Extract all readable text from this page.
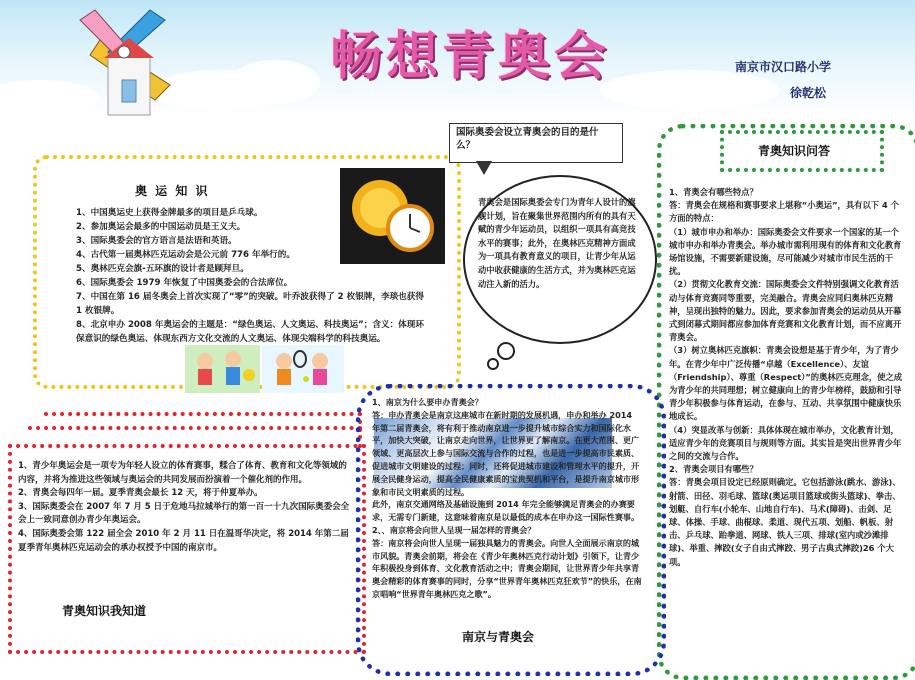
畅想青奥会	南京市汉口路小学
徐乾松
奥 运 知 识

1、中国奥运史上获得金牌最多的项目是乒乓球。

2、参加奥运会最多的中国运动员是王义夫。

3、国际奥委会的官方语言是法语和英语。

4、古代第一届奥林匹克运动会是公元前 776 年举行的。

5、奥林匹克会旗-五环旗的设计者是顾拜旦。

6、国际奥委会 1979 年恢复了中国奥委会的合法席位。

7、中国在第 16 届冬奥会上首次实现了“零”的突破。叶乔波获得了 2 枚银牌，李琰也获得 1 枚银牌。

8、北京申办 2008 年奥运会的主题是：“绿色奥运、人文奥运、科技奥运”；含义：体现环保意识的绿色奥运、体现东西方文化交流的人文奥运、体现尖端科学的科技奥运。

国际奥委会设立青奥会的目的是什么？
青奥会是国际奥委会专门为青年人设计的旗舰计划，旨在聚集世界范围内所有的具有天赋的青少年运动员，以组织一项具有高竞技水平的赛事；此外，在奥林匹克精神方面成为一项具有教育意义的项目，让青少年从运动中收获健康的生活方式，并为奥林匹克运动注入新的活力。
青奥知识问答

1、青奥会有哪些特点？

答：青奥会在规格和赛事要求上堪称“小奥运”，具有以下 4 个方面的特点：

（1）城市申办和举办：国际奥委会文件要求一个国家的某一个城市申办和举办青奥会。举办城市需利用现有的体育和文化教育场馆设施，不需要新建设施，尽可能减少对城市市民生活的干扰。

（2）贯彻文化教育交流：国际奥委会文件特别强调文化教育活动与体育竞赛同等重要，完美融合。青奥会应同归奥林匹克精神，呈现出独特的魅力。因此，要求参加青奥会的运动员从开幕式到闭幕式期间都应参加体育竞赛和文化教育计划，而不应离开青奥会。

（3）树立奥林匹克旗帜：青奥会设想是基于青少年，为了青少年。在青少年中广泛传播“卓越（Excellence）、友谊（Friendship）、尊重（Respect）”的奥林匹克理念，使之成为青少年的共同理想；树立健康向上的青少年榜样，鼓励和引导青少年积极参与体育运动，在参与、互动、共享氛围中健康快乐地成长。

（4）突显改革与创新：具体体现在城市举办，文化教育计划，适应青少年的竞赛项目与规则等方面。其实旨是突出世界青少年之间的交流与合作。

2、青奥会项目有哪些？

答：青奥会项目设定已经原则确定。它包括游泳(跳水、游泳)、射箭、田径、羽毛球、篮球(奥运项目篮球或街头篮球)、拳击、划艇、自行车(小轮车、山地自行车)、马术(障碍)、击剑、足球、体操、手球、曲棍球、柔道、现代五项、划船、帆板、射击、乒乓球、跆拳道、网球、铁人三项、排球(室内或沙滩排球)、举重、摔跤(女子自由式摔跤、男子古典式摔跤)26 个大项。

1、青少年奥运会是一项专为年轻人设立的体育赛事，糅合了体育、教育和文化等领域的内容，并将为推进这些领域与奥运会的共同发展而扮演着一个催化剂的作用。

2、青奥会每四年一届。夏季青奥会最长 12 天，将于仲夏举办。

3、国际奥委会在 2007 年 7 月 5 日于危地马拉城举行的第一百一十九次国际奥委会全会上一致同意创办青少年奥运会。

4、国际奥委会第 122 届全会 2010 年 2 月 11 日在温哥华决定，将 2014 年第二届夏季青年奥林匹克运动会的承办权授予中国的南京市。

青奥知识我知道

1、南京为什么要申办青奥会？

答：申办青奥会是南京这座城市在新时期的发展机遇，申办和举办 2014 年第二届青奥会，将有利于推动南京进一步提升城市综合实力和国际化水平，加快大突破，让南京走向世界，让世界更了解南京。在更大范围、更广领域、更高层次上参与国际交流与合作的过程，也是进一步提高市民素质、促进城市文明建设的过程；同时，还将促进城市建设和管理水平的提升，开展全民健身运动，提高全民健康素质的宝贵契机和平台，是提升南京城市形象和市民文明素质的过程。

此外，南京交通网络及基础设施到 2014 年完全能够满足青奥会的办赛要求，无需专门新建，这意味着南京是以最低的成本在申办这一国际性赛事。

2、、南京将会向世人呈现一届怎样的青奥会？

答：南京将会向世人呈现一届独具魅力的青奥会。向世人全面展示南京的城市风貌。青奥会前期，将会在《青少年奥林匹克行动计划》引领下，让青少年积极投身到体育、文化教育活动之中；青奥会期间，让世界青少年共享青奥会精彩的体育赛事的同时，分享“世界青年奥林匹克狂欢节”的快乐，在南京唱响“世界青年奥林匹克之歌”。

南京与青奥会
